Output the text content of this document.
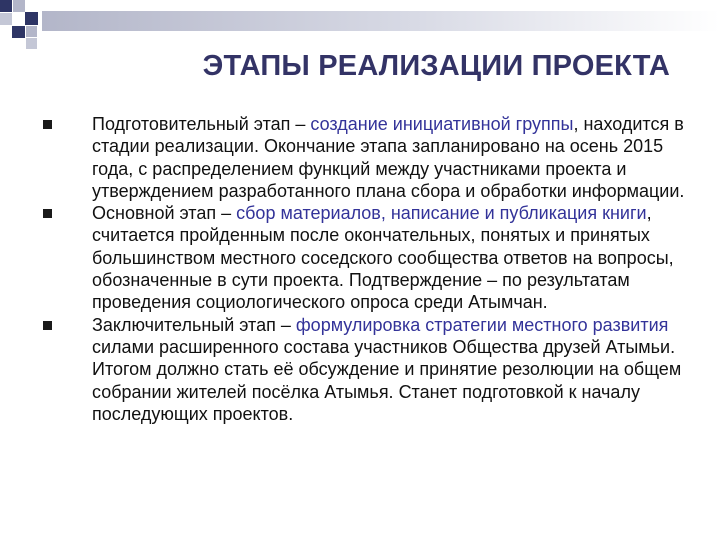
ЭТАПЫ РЕАЛИЗАЦИИ ПРОЕКТА
Подготовительный этап – создание инициативной группы, находится в стадии реализации. Окончание этапа запланировано на осень 2015 года, с распределением функций между участниками проекта и утверждением разработанного плана сбора и обработки информации.
Основной этап – сбор материалов, написание и публикация книги, считается пройденным после окончательных, понятых и принятых большинством местного соседского сообщества ответов на вопросы, обозначенные в сути проекта. Подтверждение – по результатам проведения социологического опроса среди Атымчан.
Заключительный этап – формулировка стратегии местного развития силами расширенного состава участников Общества друзей Атымьи. Итогом должно стать её обсуждение и принятие резолюции на общем собрании жителей посёлка Атымья. Станет подготовкой к началу последующих проектов.
